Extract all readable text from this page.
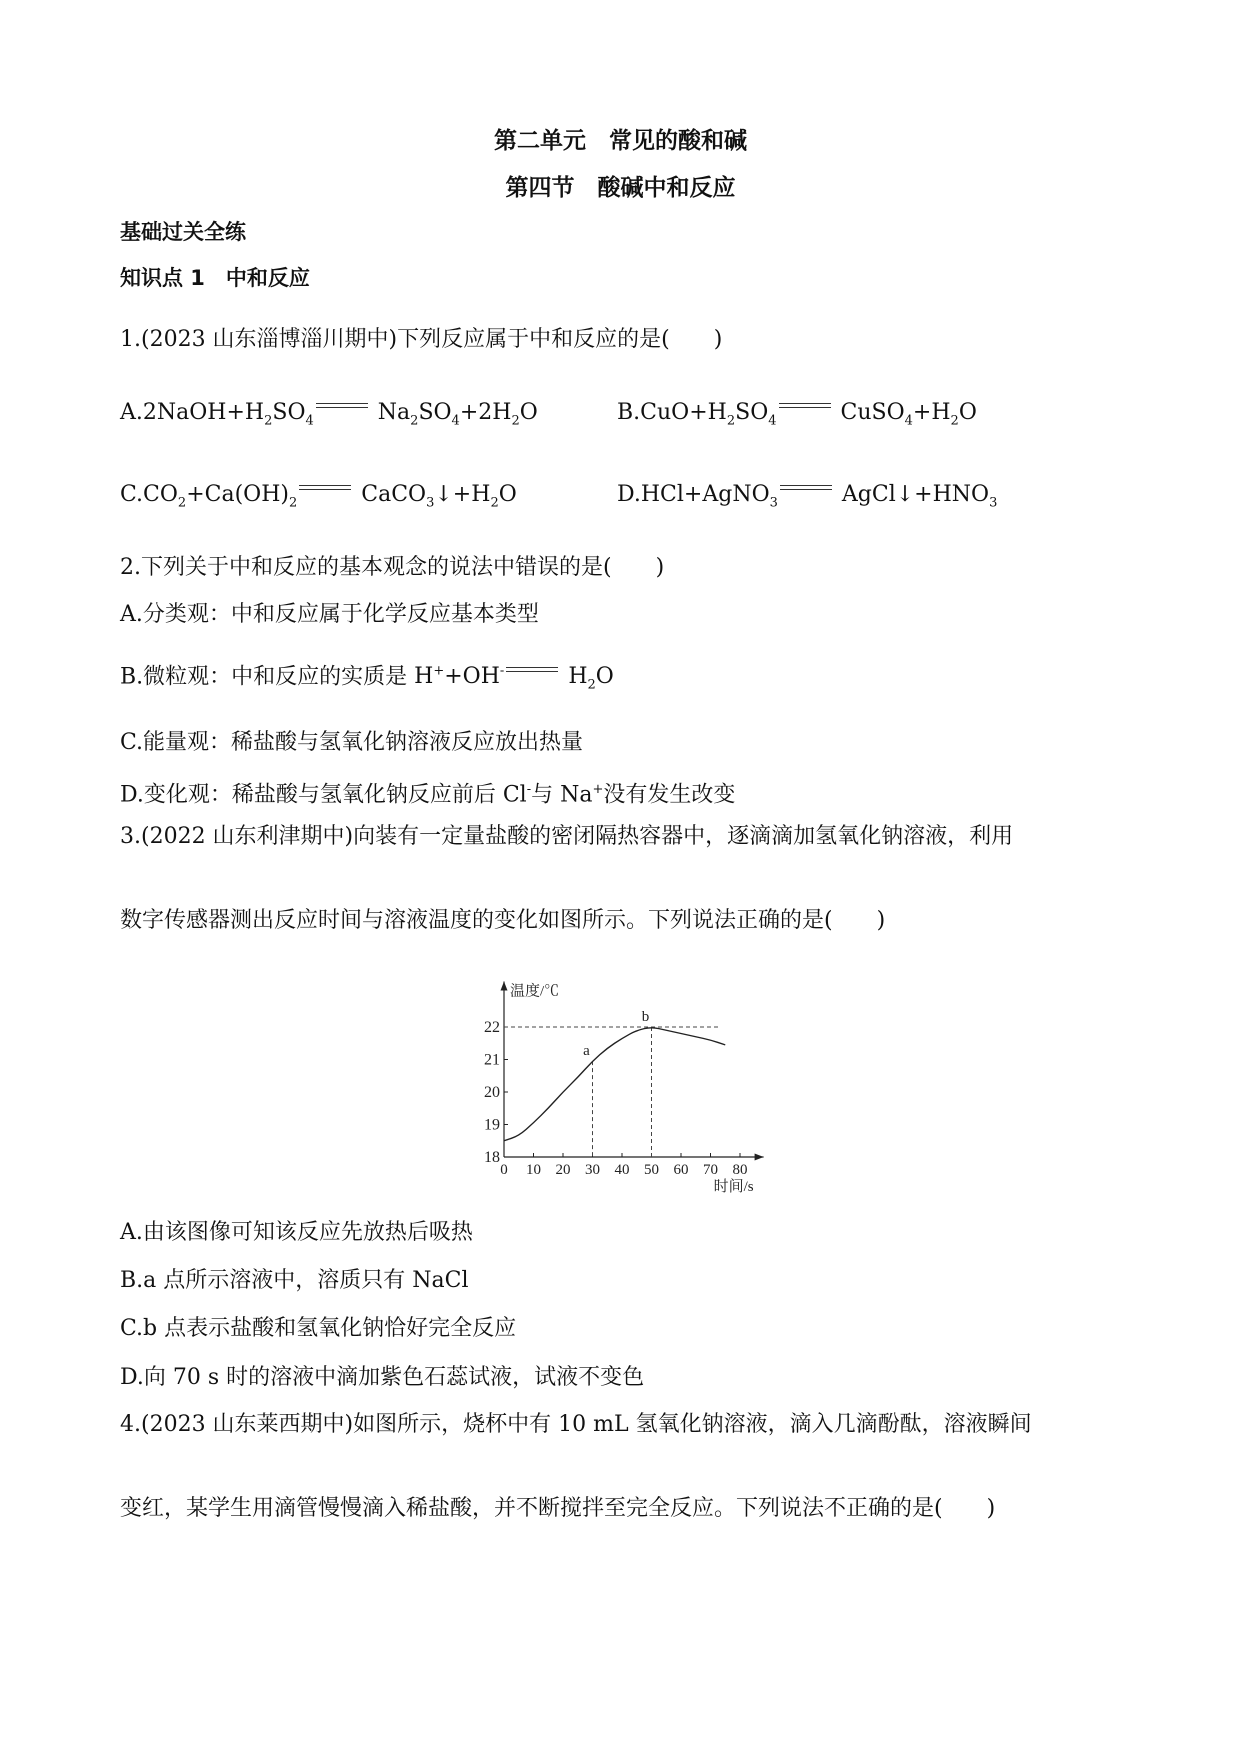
第二单元　常见的酸和碱
第四节　酸碱中和反应
基础过关全练
知识点 1　中和反应
1.(2023 山东淄博淄川期中)下列反应属于中和反应的是( )
$A.2NaOH+H_2SO_4$	$Na_2SO_4+2H_2O$	$B.CuO+H_2SO_4$	$CuSO_4+H_2O$
$C.CO_2+Ca(OH)_2$	$CaCO_3↓+H_2O$	D.HCl+AgNO$_3$	$AgCl↓+HNO_3$
2.下列关于中和反应的基本观念的说法中错误的是( )
A.分类观：中和反应属于化学反应基本类型
B.微粒观：中和反应的实质是 H++OH-	$H_2O$
C.能量观：稀盐酸与氢氧化钠溶液反应放出热量
D.变化观：稀盐酸与氢氧化钠反应前后 Cl-与 Na+没有发生改变
3.(2022 山东利津期中)向装有一定量盐酸的密闭隔热容器中，逐滴滴加氢氧化钠溶液，利用
数字传感器测出反应时间与溶液温度的变化如图所示。下列说法正确的是( )
0 10 20 30 40 50 60 70 80
18
19
20
21
22
温度/℃
时间/s
a
b
A.由该图像可知该反应先放热后吸热
B.a 点所示溶液中，溶质只有 NaCl
C.b 点表示盐酸和氢氧化钠恰好完全反应
D.向 70 s 时的溶液中滴加紫色石蕊试液，试液不变色
4.(2023 山东莱西期中)如图所示，烧杯中有 10 mL 氢氧化钠溶液，滴入几滴酚酞，溶液瞬间
变红，某学生用滴管慢慢滴入稀盐酸，并不断搅拌至完全反应。下列说法不正确的是( )
